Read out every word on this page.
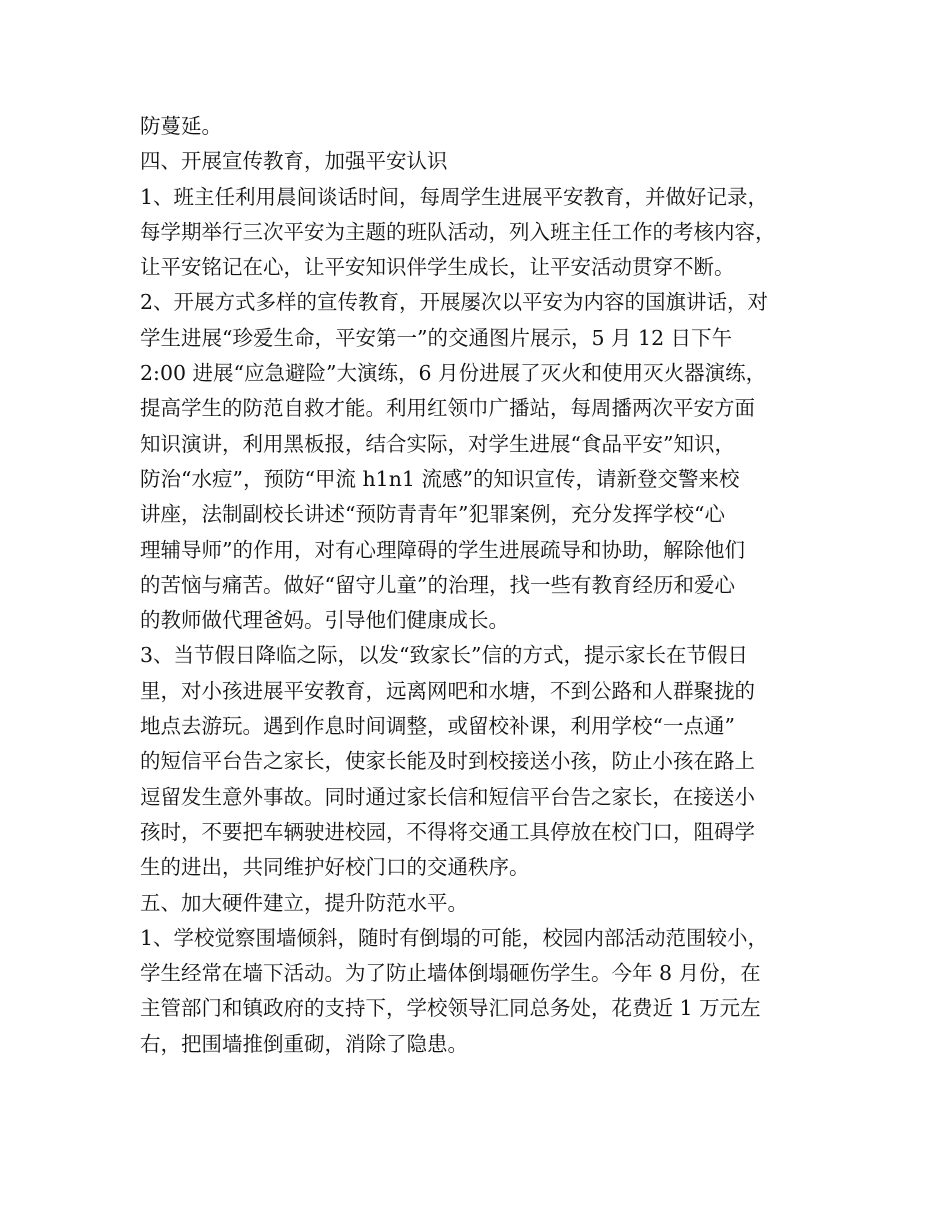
防蔓延。
四、开展宣传教育，加强平安认识
1、班主任利用晨间谈话时间，每周学生进展平安教育，并做好记录，
每学期举行三次平安为主题的班队活动，列入班主任工作的考核内容，
让平安铭记在心，让平安知识伴学生成长，让平安活动贯穿不断。
2、开展方式多样的宣传教育，开展屡次以平安为内容的国旗讲话，对
学生进展“珍爱生命，平安第一”的交通图片展示，5 月 12 日下午
2:00 进展“应急避险”大演练，6 月份进展了灭火和使用灭火器演练，
提高学生的防范自救才能。利用红领巾广播站，每周播两次平安方面
知识演讲，利用黑板报，结合实际，对学生进展“食品平安”知识，
防治“水痘”，预防“甲流 h1n1 流感”的知识宣传，请新登交警来校
讲座，法制副校长讲述“预防青青年”犯罪案例，充分发挥学校“心
理辅导师”的作用，对有心理障碍的学生进展疏导和协助，解除他们
的苦恼与痛苦。做好“留守儿童”的治理，找一些有教育经历和爱心
的教师做代理爸妈。引导他们健康成长。
3、当节假日降临之际，以发“致家长”信的方式，提示家长在节假日
里，对小孩进展平安教育，远离网吧和水塘，不到公路和人群聚拢的
地点去游玩。遇到作息时间调整，或留校补课，利用学校“一点通”
的短信平台告之家长，使家长能及时到校接送小孩，防止小孩在路上
逗留发生意外事故。同时通过家长信和短信平台告之家长，在接送小
孩时，不要把车辆驶进校园，不得将交通工具停放在校门口，阻碍学
生的进出，共同维护好校门口的交通秩序。
五、加大硬件建立，提升防范水平。
1、学校觉察围墙倾斜，随时有倒塌的可能，校园内部活动范围较小，
学生经常在墙下活动。为了防止墙体倒塌砸伤学生。今年 8 月份，在
主管部门和镇政府的支持下，学校领导汇同总务处，花费近 1 万元左
右，把围墙推倒重砌，消除了隐患。
